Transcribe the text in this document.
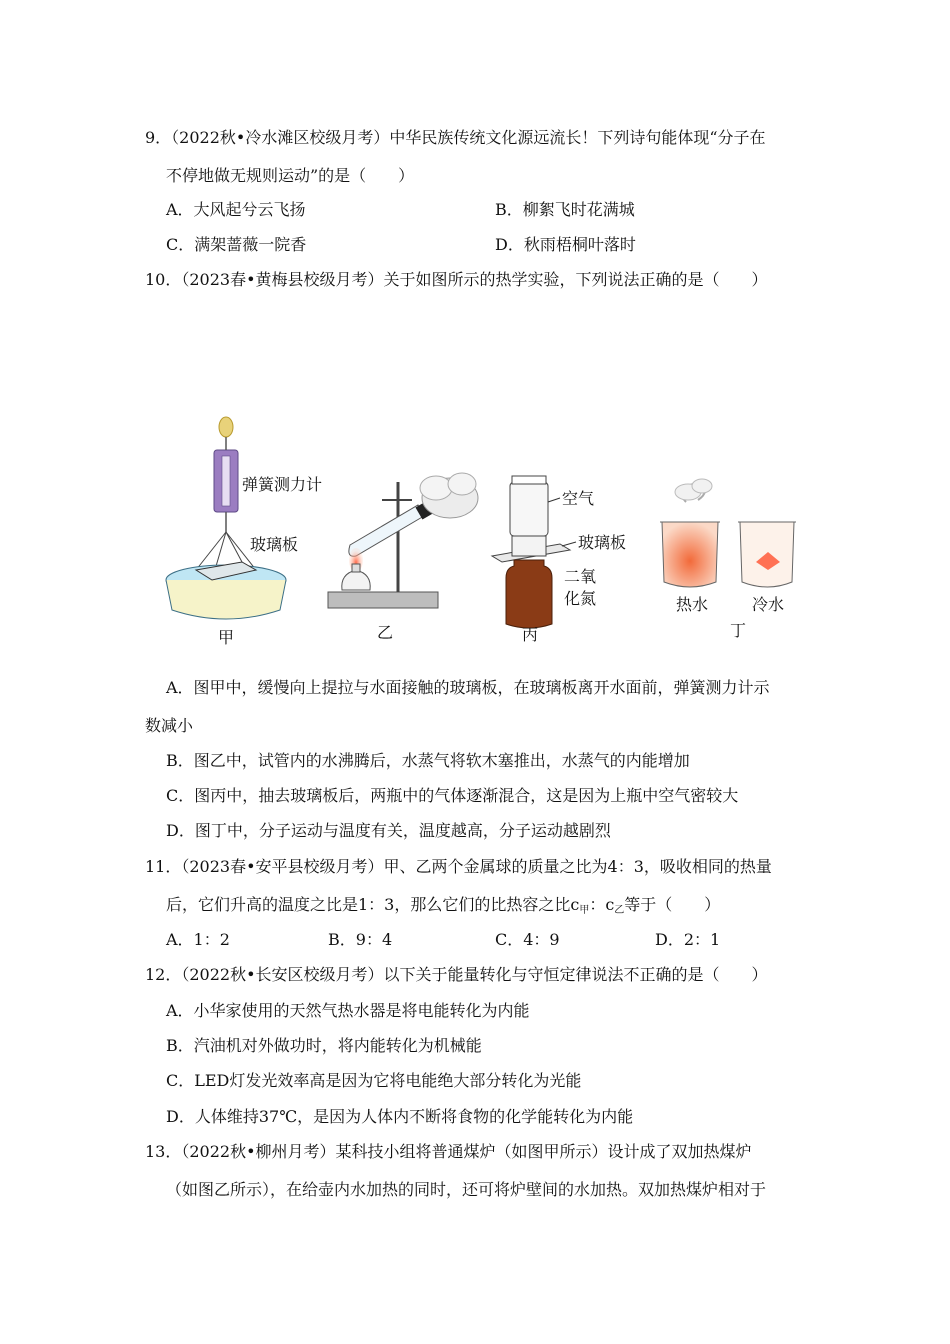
9．（2022秋•冷水滩区校级月考）中华民族传统文化源远流长！下列诗句能体现“分子在
不停地做无规则运动”的是（　　）
A．大风起兮云飞扬	B．柳絮飞时花满城
C．满架蔷薇一院香	D．秋雨梧桐叶落时
10．（2023春•黄梅县校级月考）关于如图所示的热学实验，下列说法正确的是（　　）
弹簧测力计
玻璃板
甲	乙
空气
玻璃板
二氧
化氮
丙
热水	冷水
丁
A．图甲中，缓慢向上提拉与水面接触的玻璃板，在玻璃板离开水面前，弹簧测力计示
数减小
B．图乙中，试管内的水沸腾后，水蒸气将软木塞推出，水蒸气的内能增加
C．图丙中，抽去玻璃板后，两瓶中的气体逐渐混合，这是因为上瓶中空气密较大
D．图丁中，分子运动与温度有关，温度越高，分子运动越剧烈
11．（2023春•安平县校级月考）甲、乙两个金属球的质量之比为4：3，吸收相同的热量
后，它们升高的温度之比是1：3，那么它们的比热容之比$c_甲$：$c_乙$等于（　　）
A．1：2	B．9：4	C．4：9	D．2：1
12．（2022秋•长安区校级月考）以下关于能量转化与守恒定律说法不正确的是（　　）
A．小华家使用的天然气热水器是将电能转化为内能
B．汽油机对外做功时，将内能转化为机械能
C．LED灯发光效率高是因为它将电能绝大部分转化为光能
D．人体维持37℃，是因为人体内不断将食物的化学能转化为内能
13．（2022秋•柳州月考）某科技小组将普通煤炉（如图甲所示）设计成了双加热煤炉
（如图乙所示），在给壶内水加热的同时，还可将炉壁间的水加热。双加热煤炉相对于
